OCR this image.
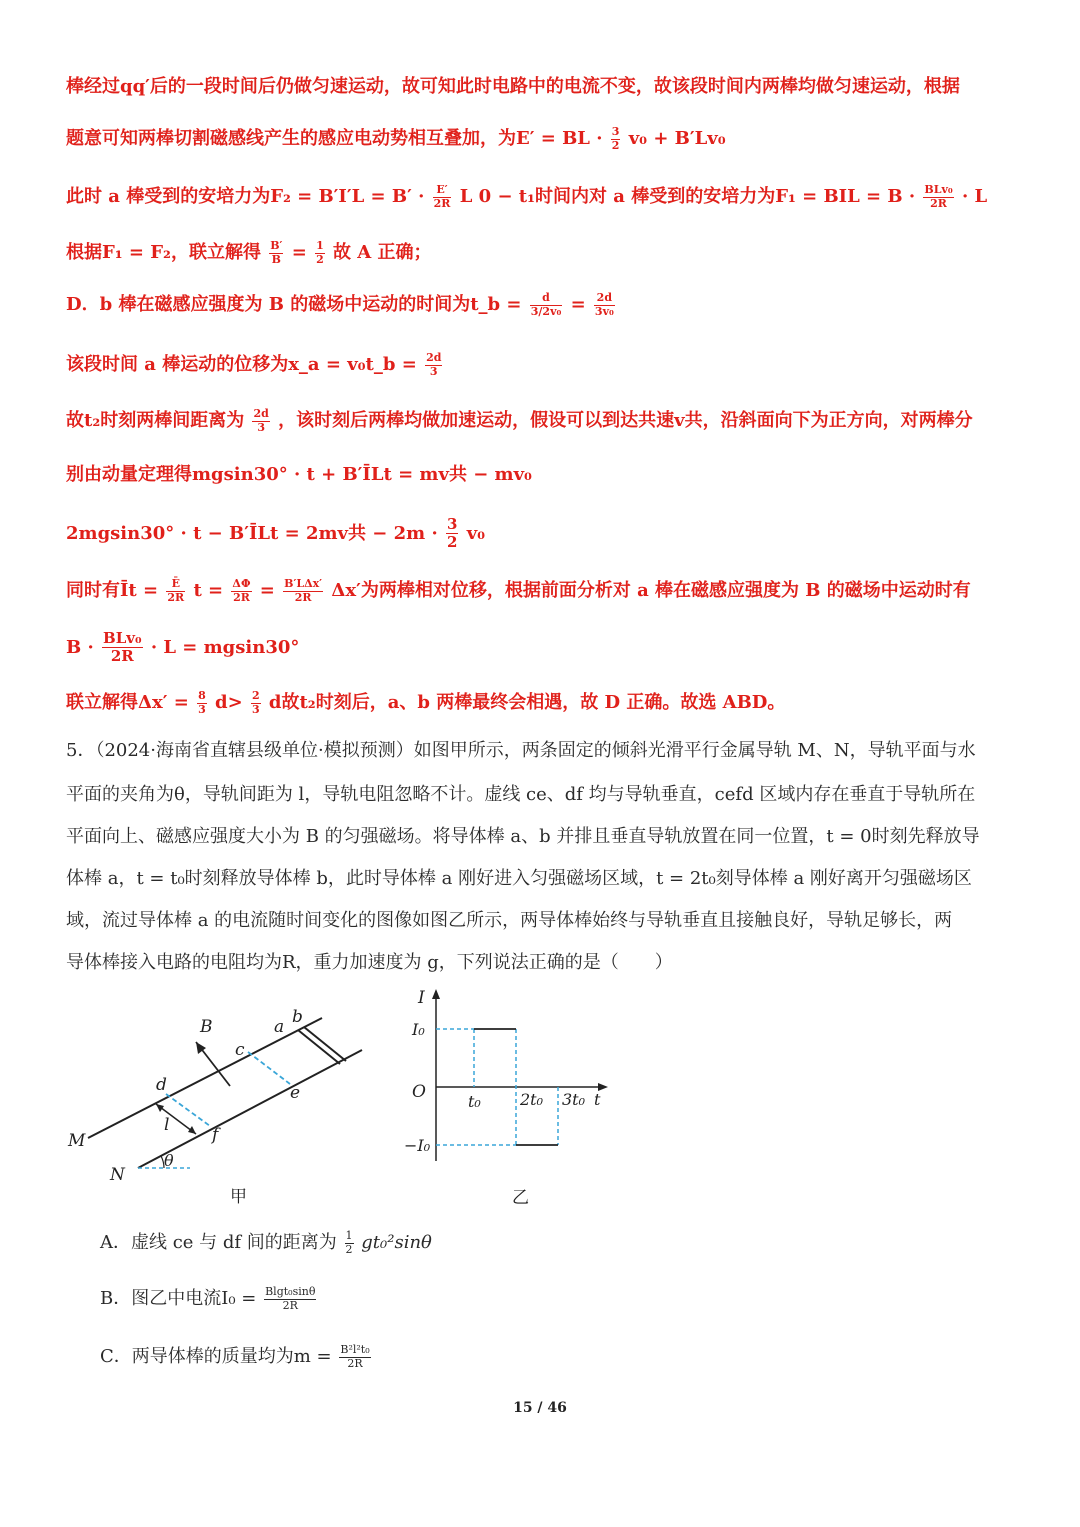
棒经过qq′后的一段时间后仍做匀速运动，故可知此时电路中的电流不变，故该段时间内两棒均做匀速运动，根据
题意可知两棒切割磁感线产生的感应电动势相互叠加，为E′ = BL · $\frac{3}{2} v_0 + B'Lv_0$
此时 a 棒受到的安培力为$F_2 = B'I'L = B' \cdot \frac{E'}{2R}$ L 0 − t₁时间内对 a 棒受到的安培力为F₁ = BIL = $B \cdot \frac{\text{BLv₀}}{2R} \cdot L$
根据F₁ = F₂，联立解得 $\frac{B'}{B} = \frac{1}{2}$ 故 A 正确；
D．b 棒在磁感应强度为 B 的磁场中运动的时间为t_b = $\frac{d}{\text{3/2v₀}} = \frac{2d}{\text{3v₀}}$
该段时间 a 棒运动的位移为x_a = v₀t_b = $\frac{2d}{3}$
故t₂时刻两棒间距离为 $\frac{2d}{3}$ ，该时刻后两棒均做加速运动，假设可以到达共速v共，沿斜面向下为正方向，对两棒分
别由动量定理得mgsin30° · t + B′ĪLt = mv共 − mv₀
2mgsin30° · t − B′ĪLt = 2mv共 − $2m \cdot \frac{3}{2} v_0$
同时有Īt = $\frac{Ē}{2R}$ $t = \frac{\Delta\Phi}{2R} = \frac{\text{B′LΔx′}}{2R} \Delta x'$为两棒相对位移，根据前面分析对 a 棒在磁感应强度为 B 的磁场中运动时有
$B \cdot \frac{\text{BLv₀}}{2R} \cdot L = mgsin30^\circ$
联立解得$\Delta x' = \frac{8}{3} d> \frac{2}{3}$ d故t₂时刻后，a、b 两棒最终会相遇，故 D 正确。故选 ABD。
5．（2024·海南省直辖县级单位·模拟预测）如图甲所示，两条固定的倾斜光滑平行金属导轨 M、N，导轨平面与水
平面的夹角为θ，导轨间距为 l，导轨电阻忽略不计。虚线 ce、df 均与导轨垂直，cefd 区域内存在垂直于导轨所在
平面向上、磁感应强度大小为 B 的匀强磁场。将导体棒 a、b 并排且垂直导轨放置在同一位置，t = 0时刻先释放导
体棒 a，t = t₀时刻释放导体棒 b，此时导体棒 a 刚好进入匀强磁场区域，t = 2t₀刻导体棒 a 刚好离开匀强磁场区
域，流过导体棒 a 的电流随时间变化的图像如图乙所示，两导体棒始终与导轨垂直且接触良好，导轨足够长，两
导体棒接入电路的电阻均为R，重力加速度为 g，下列说法正确的是（　　）
B	a b
c
d	e
f
l
M
N
θ
甲
I
I₀
−I₀
O	t₀ 2t₀ 3t₀ t
乙
A．虚线 ce 与 df 间的距离为 $\frac{1}{2} gt_0^2\sin\theta$
B．图乙中电流$I_0 = \frac{\text{Blgt₀sinθ}}{2R}$
C．两导体棒的质量均为$m = \frac{\text{B²l²t₀}}{2R}$
15 / 46
